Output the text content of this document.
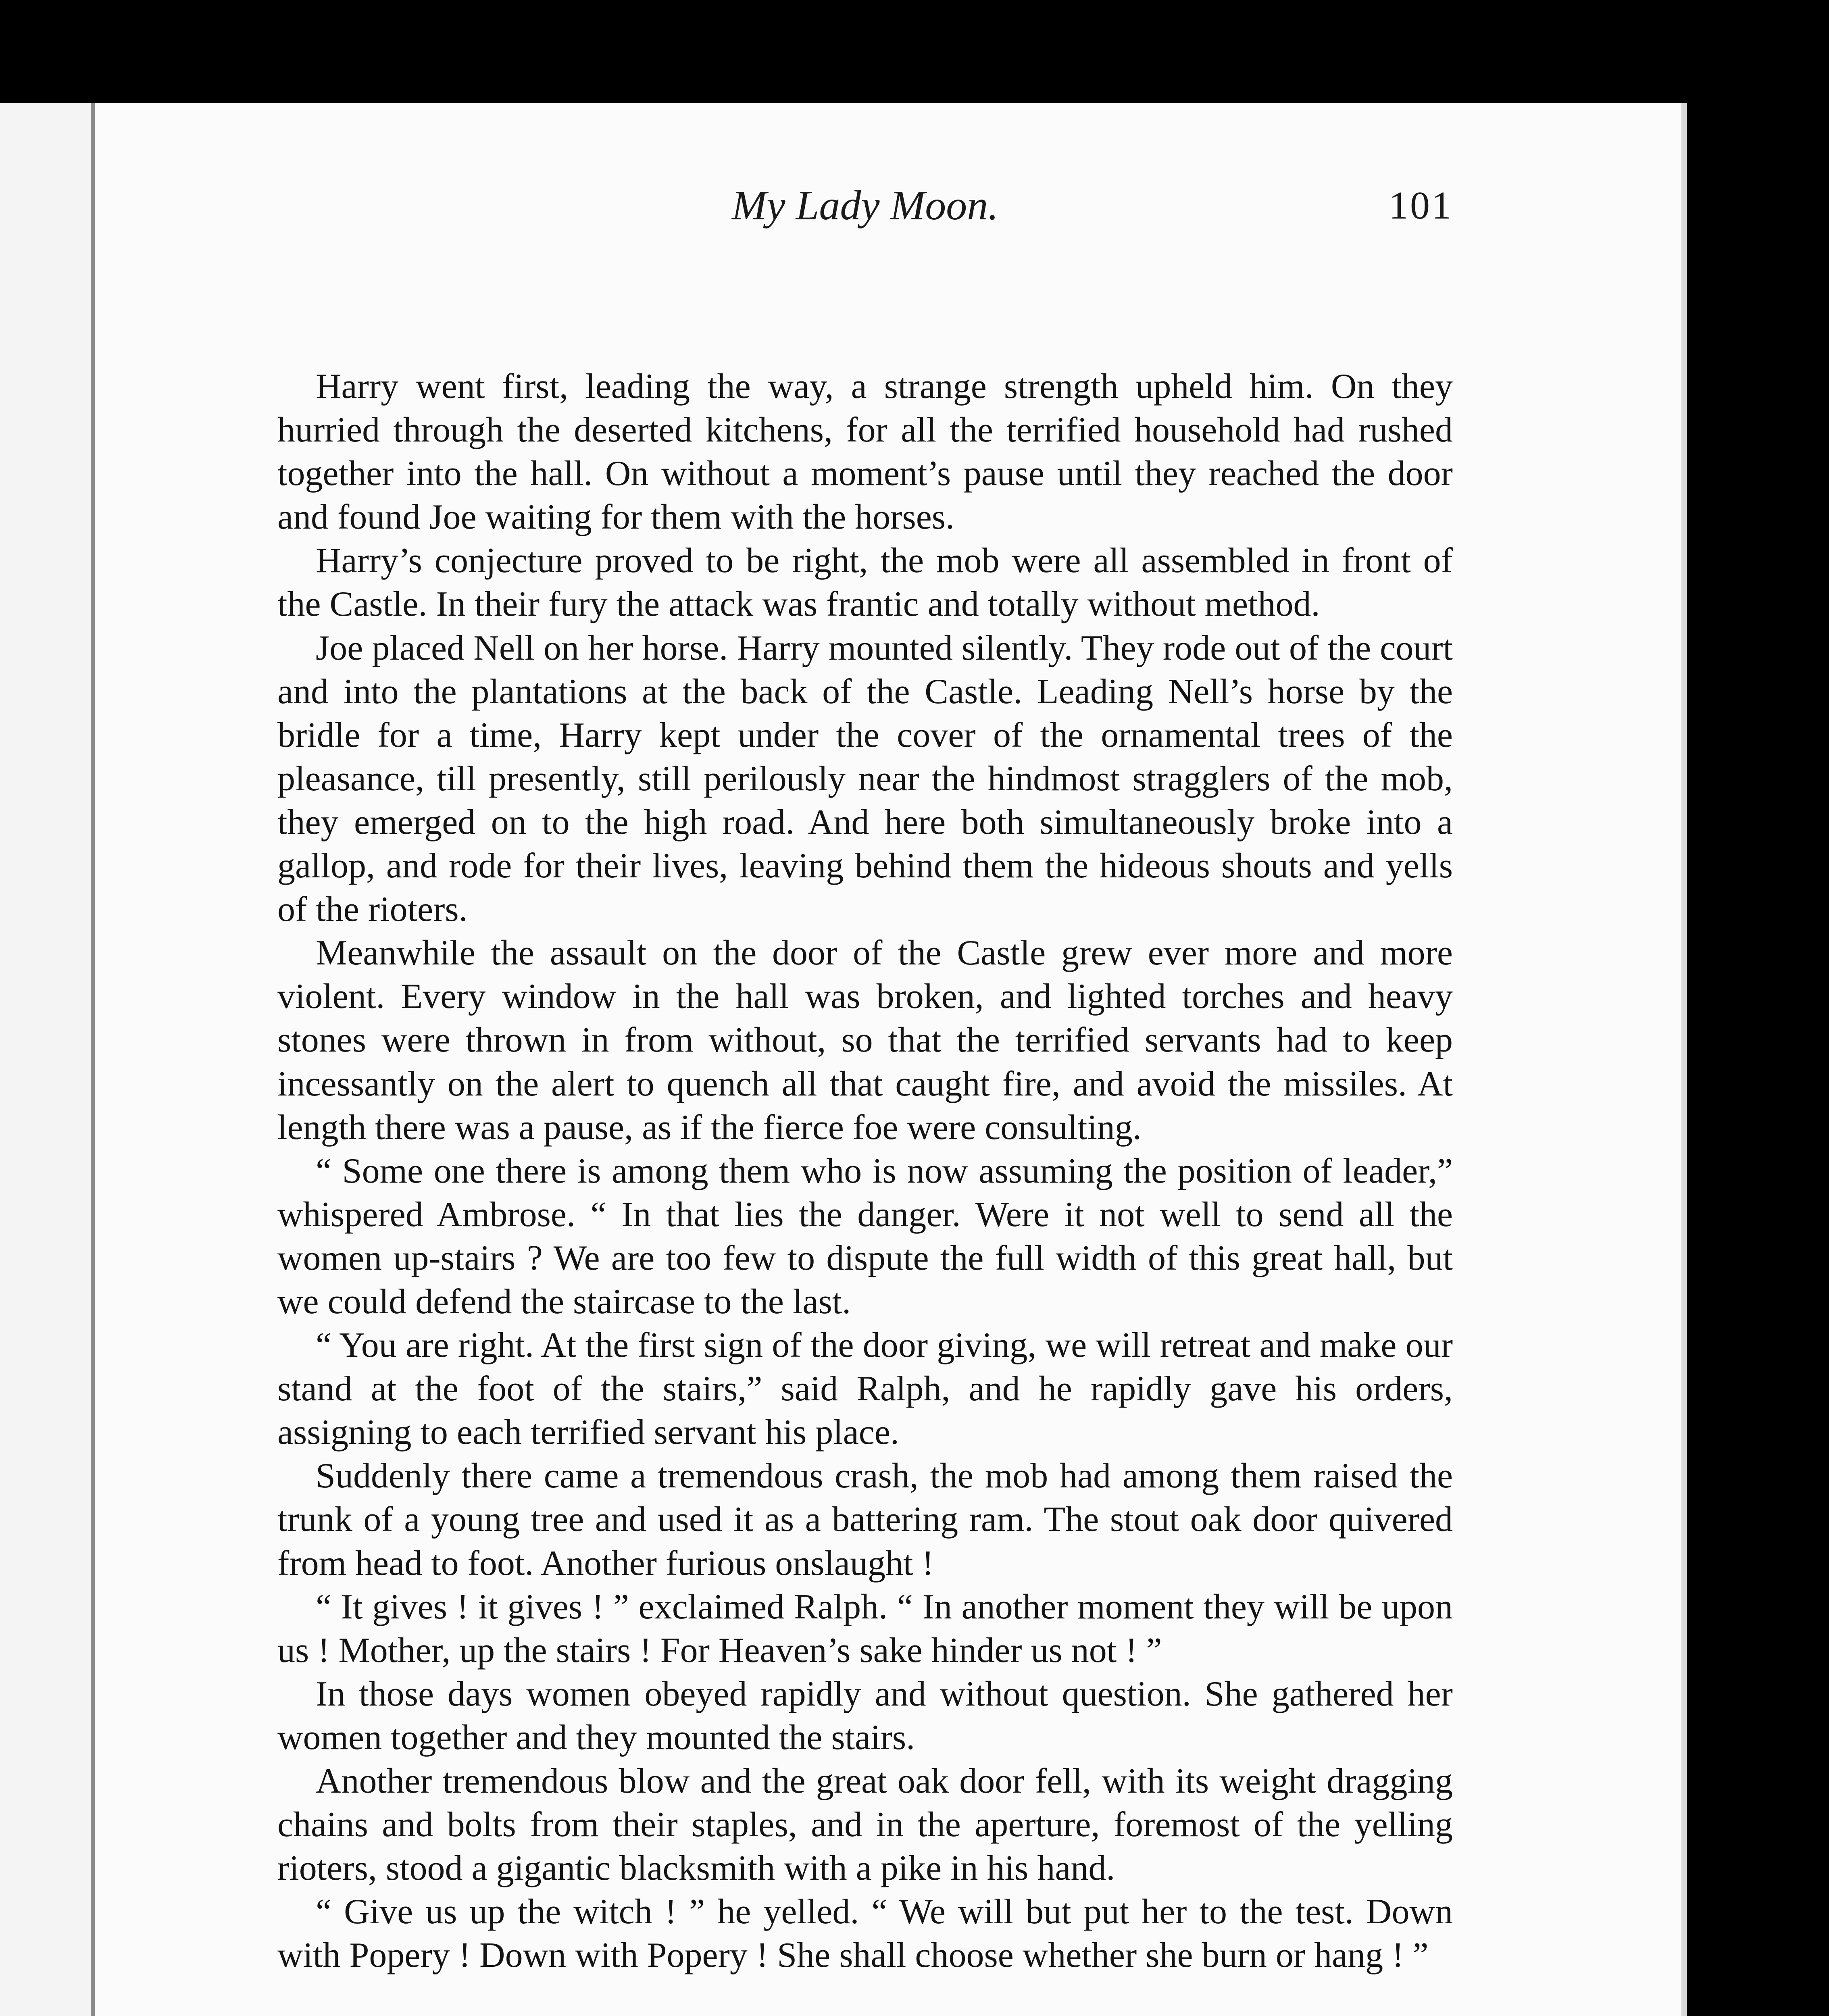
My Lady Moon.	101

Harry went first, leading the way, a strange strength upheld him. On they hurried through the deserted kitchens, for all the terrified household had rushed together into the hall. On without a moment’s pause until they reached the door and found Joe waiting for them with the horses.

Harry’s conjecture proved to be right, the mob were all assembled in front of the Castle. In their fury the attack was frantic and totally without method.

Joe placed Nell on her horse. Harry mounted silently. They rode out of the court and into the plantations at the back of the Castle. Leading Nell’s horse by the bridle for a time, Harry kept under the cover of the ornamental trees of the pleasance, till presently, still perilously near the hindmost stragglers of the mob, they emerged on to the high road. And here both simultaneously broke into a gallop, and rode for their lives, leaving behind them the hideous shouts and yells of the rioters.

Meanwhile the assault on the door of the Castle grew ever more and more violent. Every window in the hall was broken, and lighted torches and heavy stones were thrown in from without, so that the terrified servants had to keep incessantly on the alert to quench all that caught fire, and avoid the missiles. At length there was a pause, as if the fierce foe were consulting.

“ Some one there is among them who is now assuming the position of leader,” whispered Ambrose. “ In that lies the danger. Were it not well to send all the women up-stairs ? We are too few to dispute the full width of this great hall, but we could defend the staircase to the last.

“ You are right. At the first sign of the door giving, we will retreat and make our stand at the foot of the stairs,” said Ralph, and he rapidly gave his orders, assigning to each terrified servant his place.

Suddenly there came a tremendous crash, the mob had among them raised the trunk of a young tree and used it as a battering ram. The stout oak door quivered from head to foot. Another furious onslaught !

“ It gives ! it gives ! ” exclaimed Ralph. “ In another moment they will be upon us ! Mother, up the stairs ! For Heaven’s sake hinder us not ! ”

In those days women obeyed rapidly and without question. She gathered her women together and they mounted the stairs.

Another tremendous blow and the great oak door fell, with its weight dragging chains and bolts from their staples, and in the aperture, foremost of the yelling rioters, stood a gigantic blacksmith with a pike in his hand.

“ Give us up the witch ! ” he yelled. “ We will but put her to the test. Down with Popery ! Down with Popery ! She shall choose whether she burn or hang ! ”
